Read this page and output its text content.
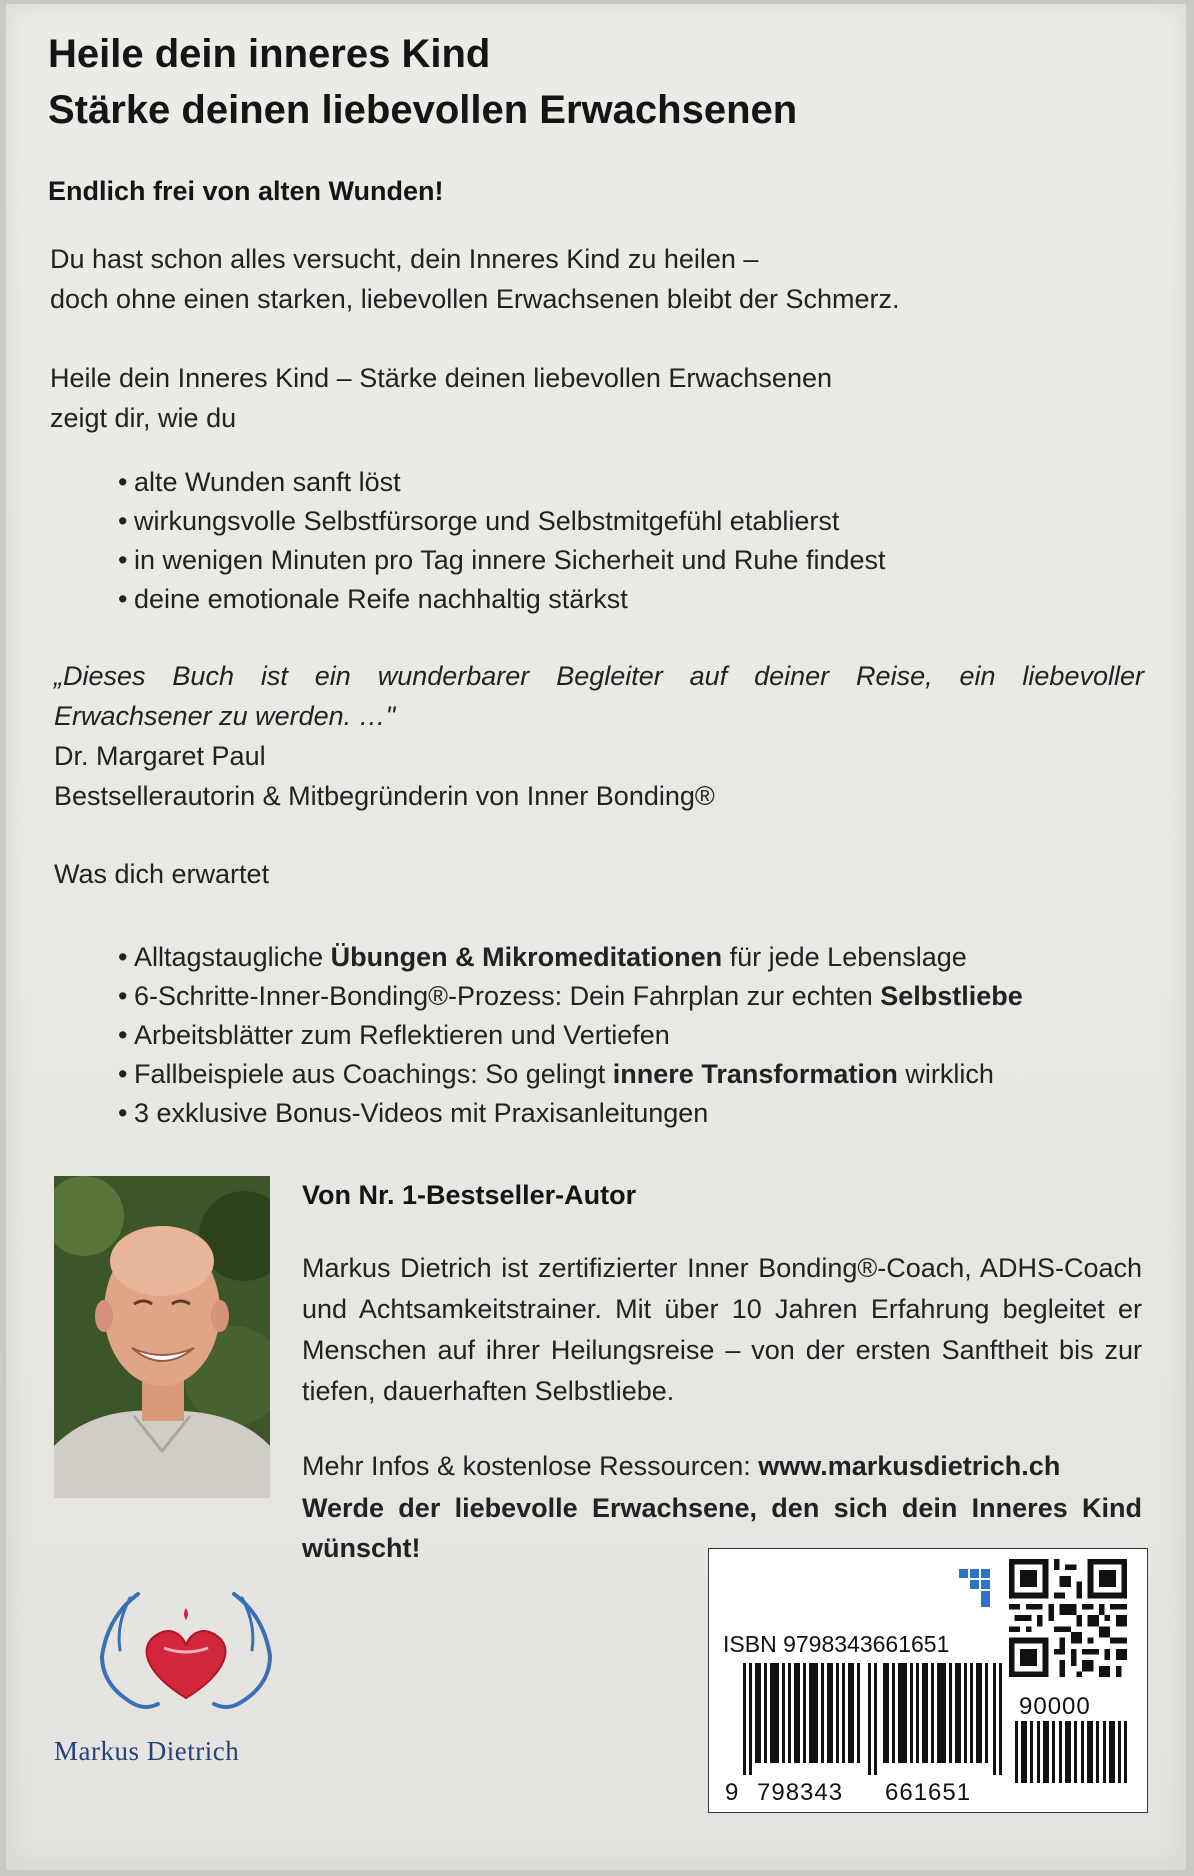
Heile dein inneres Kind
Stärke deinen liebevollen Erwachsenen
Endlich frei von alten Wunden!
Du hast schon alles versucht, dein Inneres Kind zu heilen –
doch ohne einen starken, liebevollen Erwachsenen bleibt der Schmerz.
Heile dein Inneres Kind – Stärke deinen liebevollen Erwachsenen
zeigt dir, wie du
• alte Wunden sanft löst
• wirkungsvolle Selbstfürsorge und Selbstmitgefühl etablierst
• in wenigen Minuten pro Tag innere Sicherheit und Ruhe findest
• deine emotionale Reife nachhaltig stärkst
„Dieses Buch ist ein wunderbarer Begleiter auf deiner Reise, ein liebevoller
Erwachsener zu werden. …"
Dr. Margaret Paul
Bestsellerautorin & Mitbegründerin von Inner Bonding®
Was dich erwartet
• Alltagstaugliche Übungen & Mikromeditationen für jede Lebenslage
• 6-Schritte-Inner-Bonding®-Prozess: Dein Fahrplan zur echten Selbstliebe
• Arbeitsblätter zum Reflektieren und Vertiefen
• Fallbeispiele aus Coachings: So gelingt innere Transformation wirklich
• 3 exklusive Bonus-Videos mit Praxisanleitungen
Von Nr. 1-Bestseller-Autor
Markus Dietrich ist zertifizierter Inner Bonding®-Coach, ADHS-Coach und Achtsamkeitstrainer. Mit über 10 Jahren Erfahrung begleitet er Menschen auf ihrer Heilungsreise – von der ersten Sanftheit bis zur tiefen, dauerhaften Selbstliebe.
Mehr Infos & kostenlose Ressourcen: www.markusdietrich.ch
Werde der liebevolle Erwachsene, den sich dein Inneres Kind wünscht!
Markus Dietrich
ISBN 9798343661651
90000
9 798343 661651
